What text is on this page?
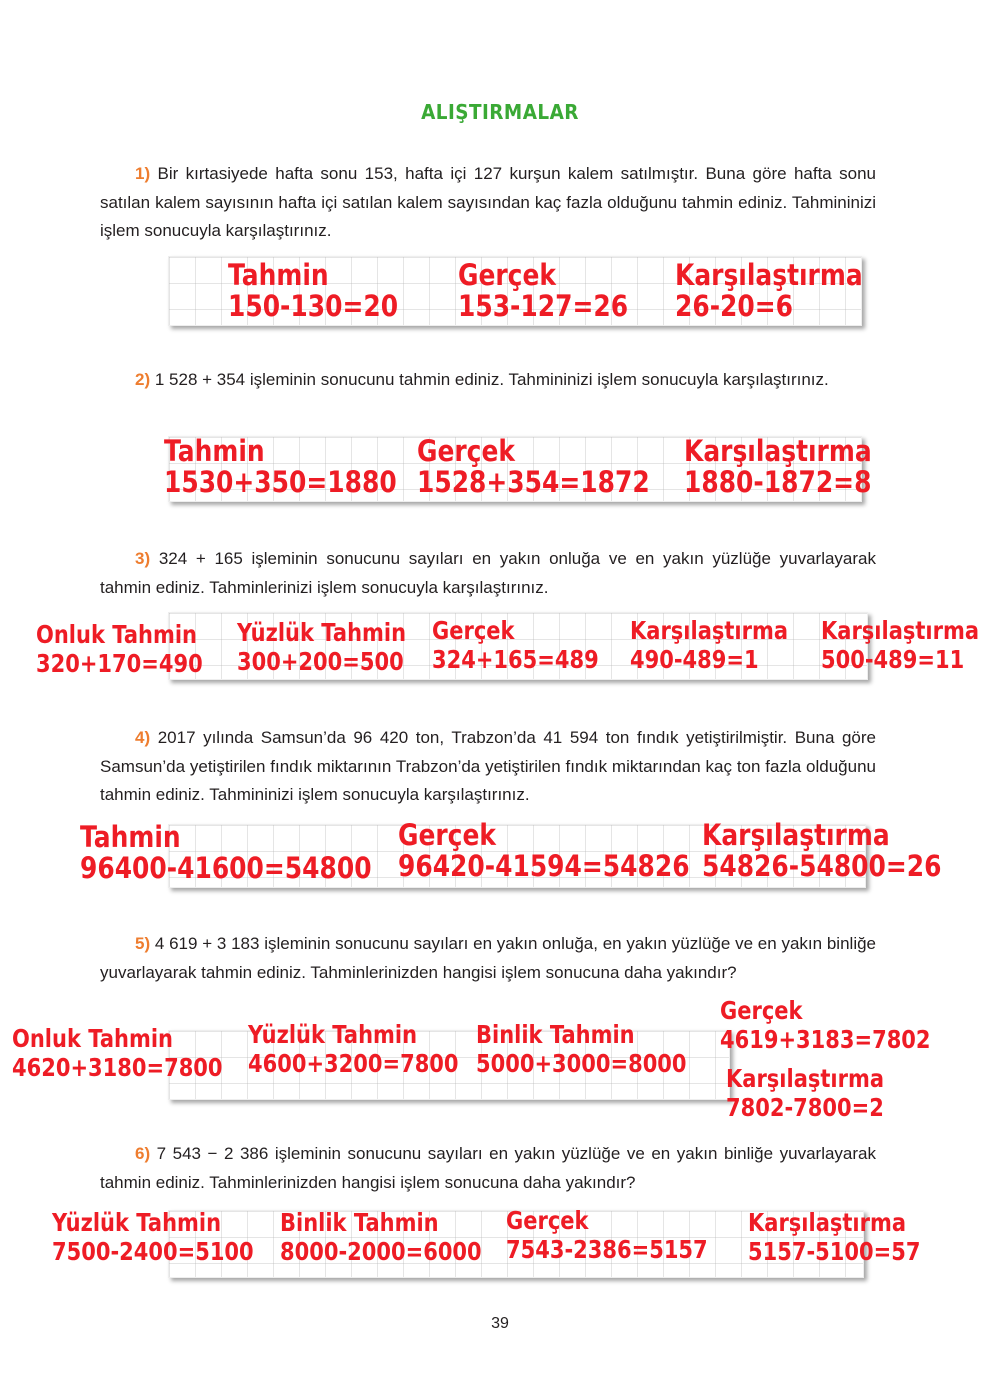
ALIŞTIRMALAR
1) Bir kırtasiyede hafta sonu 153, hafta içi 127 kurşun kalem satılmıştır. Buna göre hafta sonu satılan kalem sayısının hafta içi satılan kalem sayısından kaç fazla olduğunu tahmin ediniz. Tahmininizi işlem sonucuyla karşılaştırınız.
Tahmin
150-130=20
Gerçek
153-127=26
Karşılaştırma
26-20=6
2) 1 528 + 354 işleminin sonucunu tahmin ediniz. Tahmininizi işlem sonucuyla karşılaştırınız.
Tahmin
1530+350=1880
Gerçek
1528+354=1872
Karşılaştırma
1880-1872=8
3) 324 + 165 işleminin sonucunu sayıları en yakın onluğa ve en yakın yüzlüğe yuvarlayarak tahmin ediniz. Tahminlerinizi işlem sonucuyla karşılaştırınız.
Onluk Tahmin
320+170=490
Yüzlük Tahmin
300+200=500
Gerçek
324+165=489
Karşılaştırma
490-489=1
Karşılaştırma
500-489=11
4) 2017 yılında Samsun’da 96 420 ton, Trabzon’da 41 594 ton fındık yetiştirilmiştir. Buna göre Samsun’da yetiştirilen fındık miktarının Trabzon’da yetiştirilen fındık miktarından kaç ton fazla olduğunu tahmin ediniz. Tahmininizi işlem sonucuyla karşılaştırınız.
Tahmin
96400-41600=54800
Gerçek
96420-41594=54826
Karşılaştırma
54826-54800=26
5) 4 619 + 3 183 işleminin sonucunu sayıları en yakın onluğa, en yakın yüzlüğe ve en yakın binliğe yuvarlayarak tahmin ediniz. Tahminlerinizden hangisi işlem sonucuna daha yakındır?
Onluk Tahmin
4620+3180=7800
Yüzlük Tahmin
4600+3200=7800
Binlik Tahmin
5000+3000=8000
Gerçek
4619+3183=7802
Karşılaştırma
7802-7800=2
6) 7 543 − 2 386 işleminin sonucunu sayıları en yakın yüzlüğe ve en yakın binliğe yuvarlayarak tahmin ediniz. Tahminlerinizden hangisi işlem sonucuna daha yakındır?
Yüzlük Tahmin
7500-2400=5100
Binlik Tahmin
8000-2000=6000
Gerçek
7543-2386=5157
Karşılaştırma
5157-5100=57
39
